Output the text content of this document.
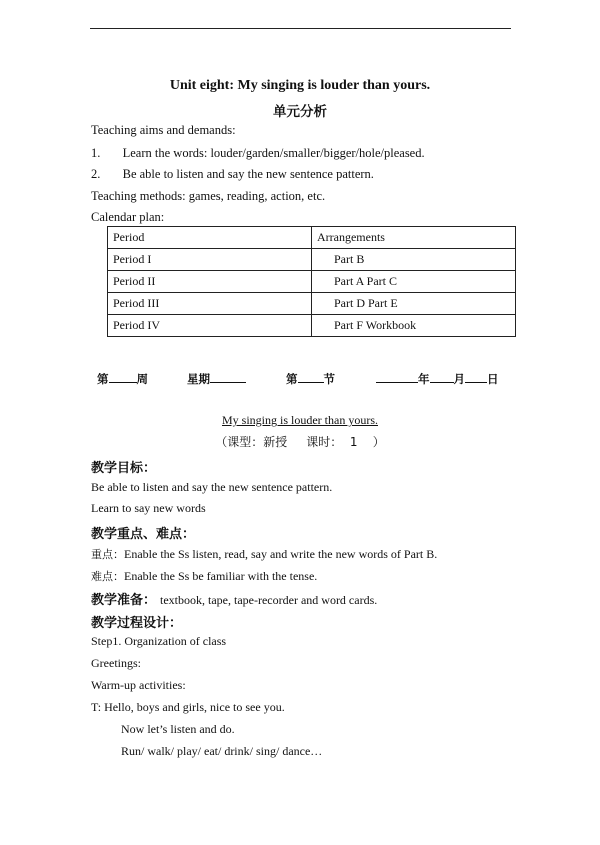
Unit eight: My singing is louder than yours.
单元分析
Teaching aims and demands:
1. Learn the words: louder/garden/smaller/bigger/hole/pleased.
2. Be able to listen and say the new sentence pattern.
Teaching methods: games, reading, action, etc.
Calendar plan:
Period	Arrangements
Period I	Part B
Period II	Part A Part C
Period III	Part D Part E
Period IV	Part F Workbook
第 周	星期	第 节	年 月 日
My singing is louder than yours.
（课型：新授     课时：  1    ）
教学目标：
Be able to listen and say the new sentence pattern.
Learn to say new words
教学重点、难点：
重点：Enable the Ss listen, read, say and write the new words of Part B.
难点：Enable the Ss be familiar with the tense.
教学准备： textbook, tape, tape-recorder and word cards.
教学过程设计：
Step1. Organization of class
Greetings:
Warm-up activities:
T: Hello, boys and girls, nice to see you.
Now let’s listen and do.
Run/ walk/ play/ eat/ drink/ sing/ dance…
